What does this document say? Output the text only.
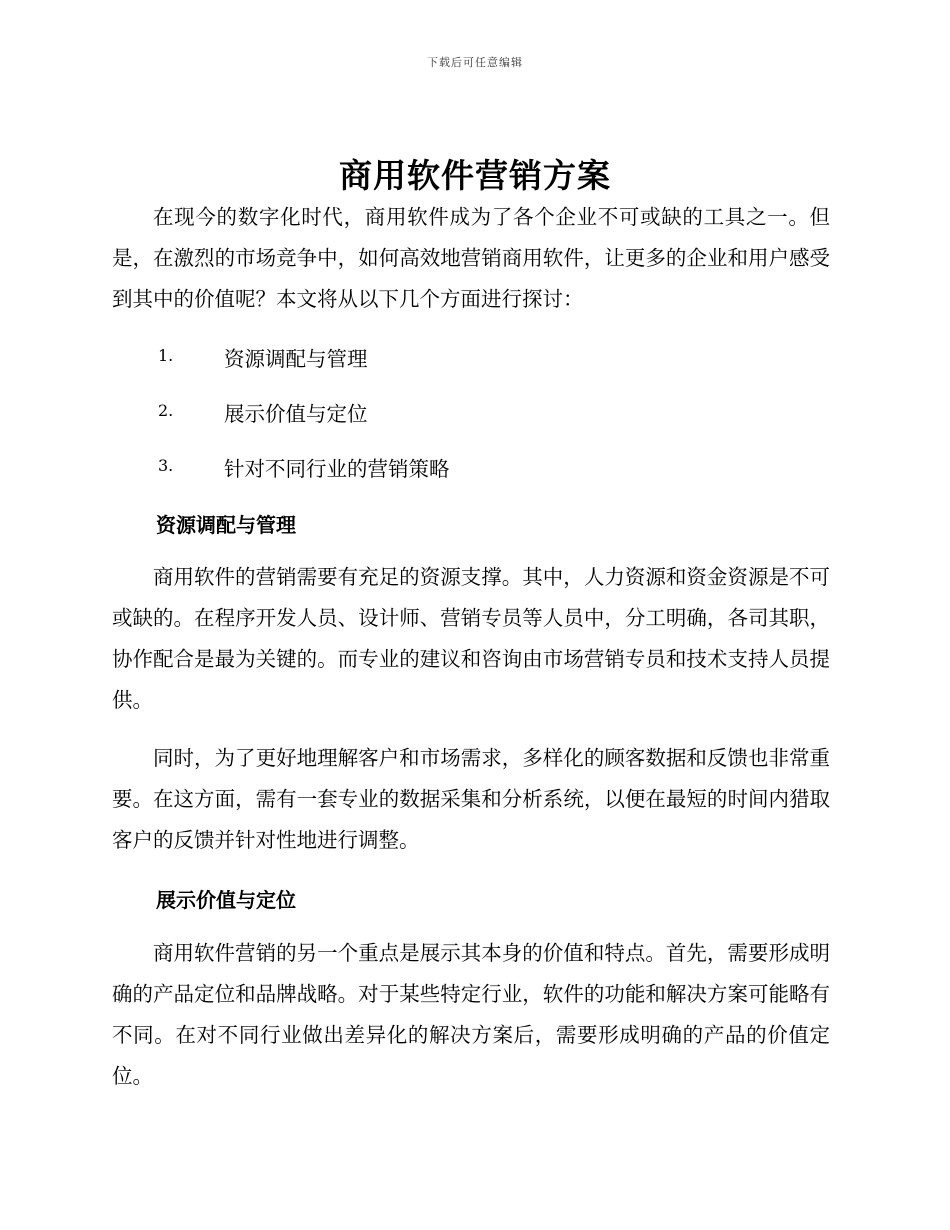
下载后可任意编辑
商用软件营销方案

在现今的数字化时代，商用软件成为了各个企业不可或缺的工具之一。但是，在激烈的市场竞争中，如何高效地营销商用软件，让更多的企业和用户感受到其中的价值呢？本文将从以下几个方面进行探讨：

1. 资源调配与管理
2. 展示价值与定位
3. 针对不同行业的营销策略
资源调配与管理

商用软件的营销需要有充足的资源支撑。其中，人力资源和资金资源是不可或缺的。在程序开发人员、设计师、营销专员等人员中，分工明确，各司其职，协作配合是最为关键的。而专业的建议和咨询由市场营销专员和技术支持人员提供。

同时，为了更好地理解客户和市场需求，多样化的顾客数据和反馈也非常重要。在这方面，需有一套专业的数据采集和分析系统，以便在最短的时间内猎取客户的反馈并针对性地进行调整。

展示价值与定位

商用软件营销的另一个重点是展示其本身的价值和特点。首先，需要形成明确的产品定位和品牌战略。对于某些特定行业，软件的功能和解决方案可能略有不同。在对不同行业做出差异化的解决方案后，需要形成明确的产品的价值定位。
